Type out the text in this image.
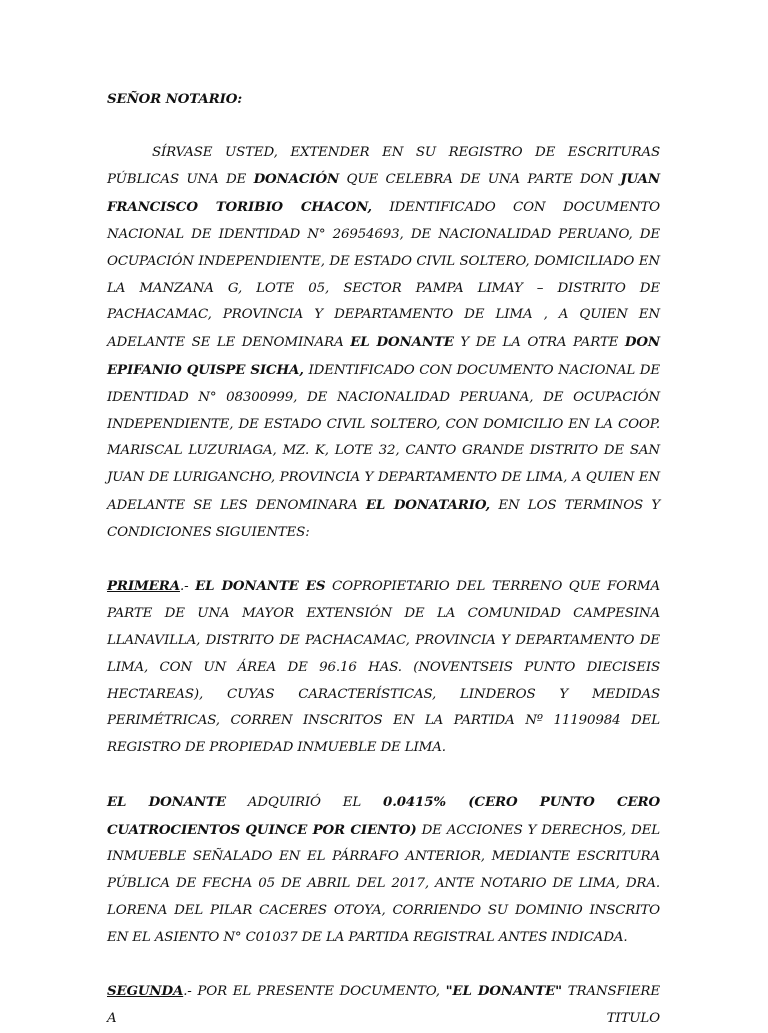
SEÑOR NOTARIO:

SÍRVASE USTED, EXTENDER EN SU REGISTRO DE ESCRITURAS PÚBLICAS UNA DE DONACIÓN QUE CELEBRA DE UNA PARTE DON JUAN FRANCISCO TORIBIO CHACON, IDENTIFICADO CON DOCUMENTO NACIONAL DE IDENTIDAD N° 26954693, DE NACIONALIDAD PERUANO, DE OCUPACIÓN INDEPENDIENTE, DE ESTADO CIVIL SOLTERO, DOMICILIADO EN LA MANZANA G, LOTE 05, SECTOR PAMPA LIMAY – DISTRITO DE PACHACAMAC, PROVINCIA Y DEPARTAMENTO DE LIMA , A QUIEN EN ADELANTE SE LE DENOMINARA EL DONANTE Y DE LA OTRA PARTE DON EPIFANIO QUISPE SICHA, IDENTIFICADO CON DOCUMENTO NACIONAL DE IDENTIDAD N° 08300999, DE NACIONALIDAD PERUANA, DE OCUPACIÓN INDEPENDIENTE, DE ESTADO CIVIL SOLTERO, CON DOMICILIO EN LA COOP. MARISCAL LUZURIAGA, MZ. K, LOTE 32, CANTO GRANDE DISTRITO DE SAN JUAN DE LURIGANCHO, PROVINCIA Y DEPARTAMENTO DE LIMA, A QUIEN EN ADELANTE SE LES DENOMINARA EL DONATARIO, EN LOS TERMINOS Y CONDICIONES SIGUIENTES:

PRIMERA.- EL DONANTE ES COPROPIETARIO DEL TERRENO QUE FORMA PARTE DE UNA MAYOR EXTENSIÓN DE LA COMUNIDAD CAMPESINA LLANAVILLA, DISTRITO DE PACHACAMAC, PROVINCIA Y DEPARTAMENTO DE LIMA, CON UN ÁREA DE 96.16 HAS. (NOVENTSEIS PUNTO DIECISEIS HECTAREAS), CUYAS CARACTERÍSTICAS, LINDEROS Y MEDIDAS PERIMÉTRICAS, CORREN INSCRITOS EN LA PARTIDA Nº 11190984 DEL REGISTRO DE PROPIEDAD INMUEBLE DE LIMA.

EL DONANTE ADQUIRIÓ EL 0.0415% (CERO PUNTO CERO CUATROCIENTOS QUINCE POR CIENTO) DE ACCIONES Y DERECHOS, DEL INMUEBLE SEÑALADO EN EL PÁRRAFO ANTERIOR, MEDIANTE ESCRITURA PÚBLICA DE FECHA 05 DE ABRIL DEL 2017, ANTE NOTARIO DE LIMA, DRA. LORENA DEL PILAR CACERES OTOYA, CORRIENDO SU DOMINIO INSCRITO EN EL ASIENTO N° C01037 DE LA PARTIDA REGISTRAL ANTES INDICADA.

SEGUNDA.- POR EL PRESENTE DOCUMENTO, "EL DONANTE" TRANSFIERE A TITULO
